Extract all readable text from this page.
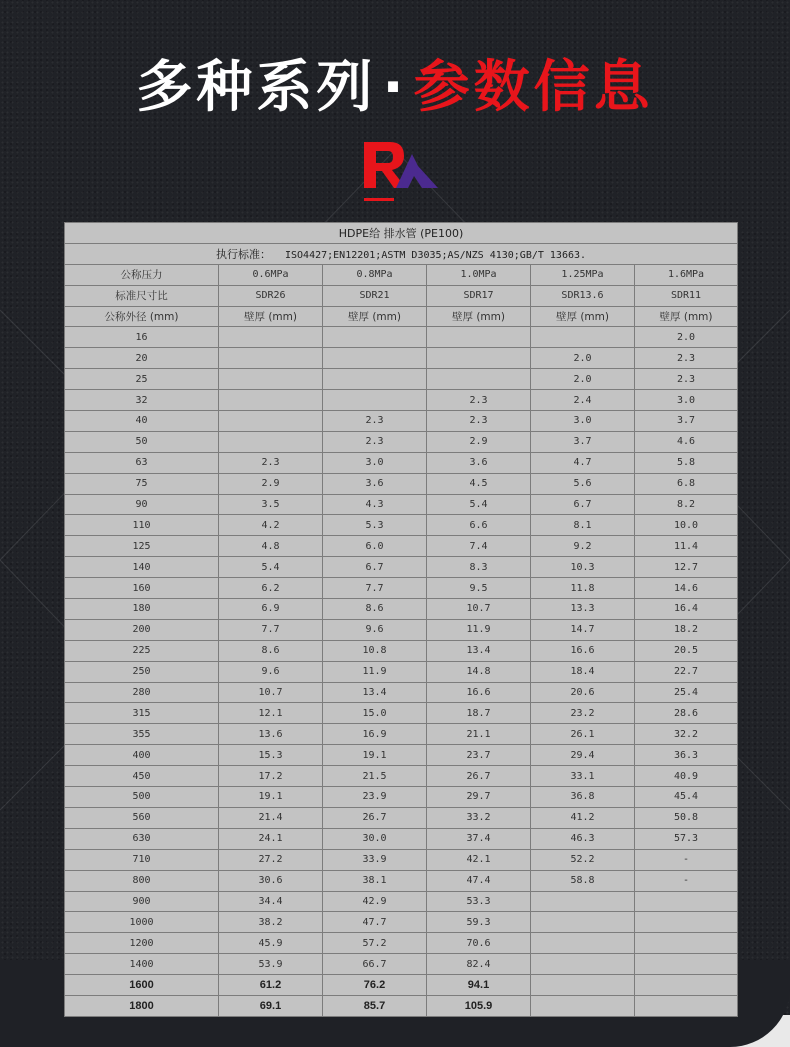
多种系列 · 参数信息
HDPE给 排水管 (PE100)					
执行标准： ISO4427;EN12201;ASTM D3035;AS/NZS 4130;GB/T 13663.					
公称压力	0.6MPa	0.8MPa	1.0MPa	1.25MPa	1.6MPa
标准尺寸比	SDR26	SDR21	SDR17	SDR13.6	SDR11
公称外径 (mm)	壁厚 (mm)	壁厚 (mm)	壁厚 (mm)	壁厚 (mm)	壁厚 (mm)
16					2.0
20				2.0	2.3
25				2.0	2.3
32			2.3	2.4	3.0
40		2.3	2.3	3.0	3.7
50		2.3	2.9	3.7	4.6
63	2.3	3.0	3.6	4.7	5.8
75	2.9	3.6	4.5	5.6	6.8
90	3.5	4.3	5.4	6.7	8.2
110	4.2	5.3	6.6	8.1	10.0
125	4.8	6.0	7.4	9.2	11.4
140	5.4	6.7	8.3	10.3	12.7
160	6.2	7.7	9.5	11.8	14.6
180	6.9	8.6	10.7	13.3	16.4
200	7.7	9.6	11.9	14.7	18.2
225	8.6	10.8	13.4	16.6	20.5
250	9.6	11.9	14.8	18.4	22.7
280	10.7	13.4	16.6	20.6	25.4
315	12.1	15.0	18.7	23.2	28.6
355	13.6	16.9	21.1	26.1	32.2
400	15.3	19.1	23.7	29.4	36.3
450	17.2	21.5	26.7	33.1	40.9
500	19.1	23.9	29.7	36.8	45.4
560	21.4	26.7	33.2	41.2	50.8
630	24.1	30.0	37.4	46.3	57.3
710	27.2	33.9	42.1	52.2	-
800	30.6	38.1	47.4	58.8	-
900	34.4	42.9	53.3		
1000	38.2	47.7	59.3		
1200	45.9	57.2	70.6		
1400	53.9	66.7	82.4		
1600	61.2	76.2	94.1		
1800	69.1	85.7	105.9		
